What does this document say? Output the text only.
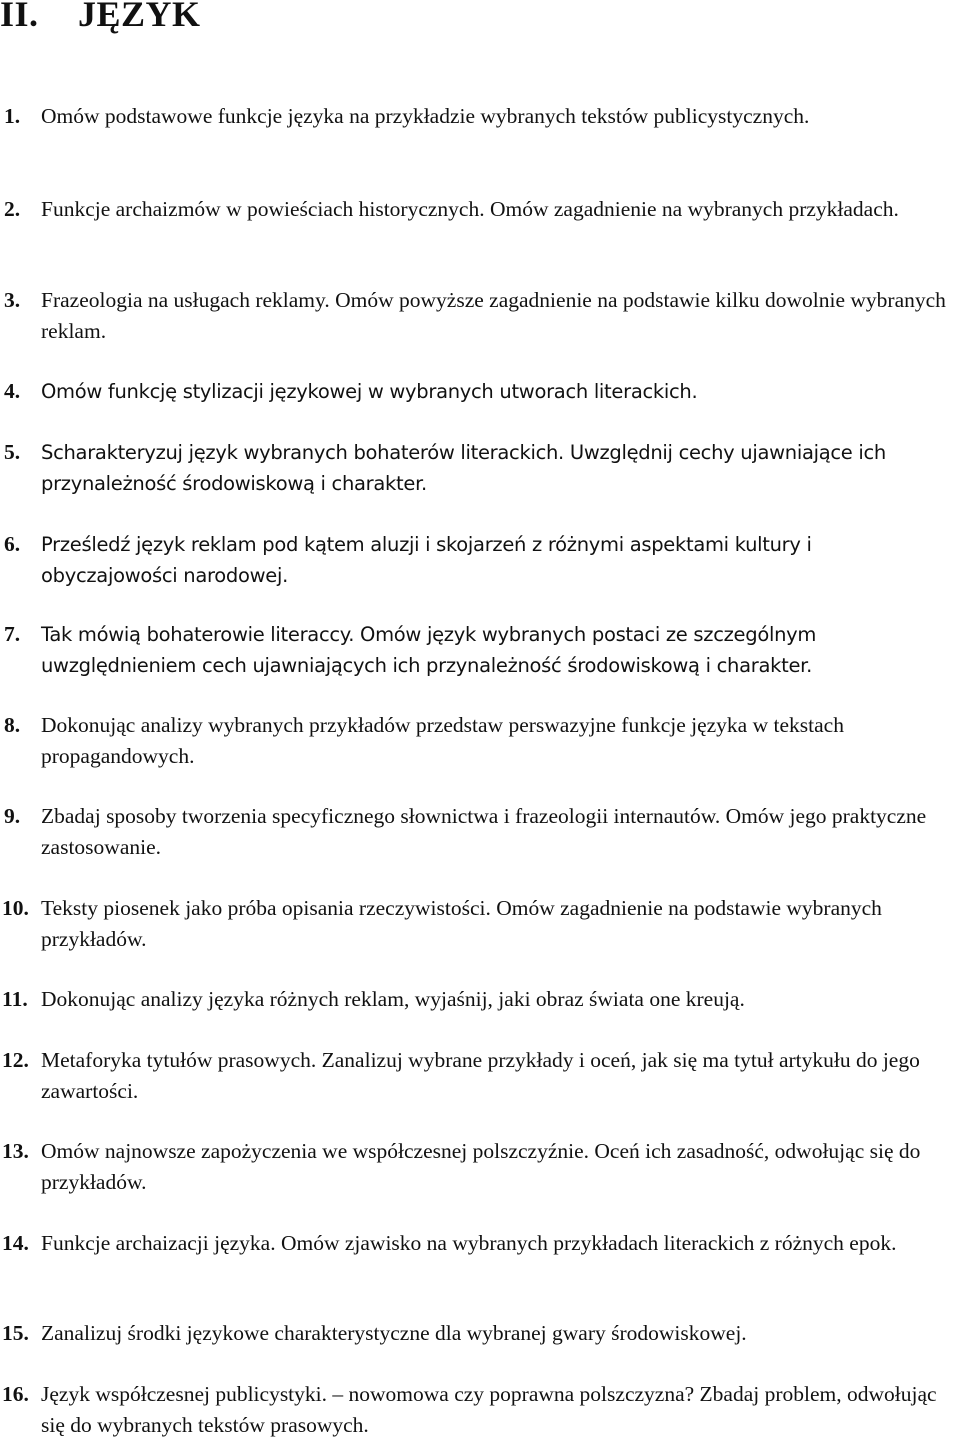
II. JĘZYK
1. Omów podstawowe funkcje języka na przykładzie wybranych tekstów publicystycznych.
2. Funkcje archaizmów w powieściach historycznych. Omów zagadnienie na wybranych przykładach.
3. Frazeologia na usługach reklamy. Omów powyższe zagadnienie na podstawie kilku dowolnie wybranych reklam.
4. Omów funkcję stylizacji językowej w wybranych utworach literackich.
5. Scharakteryzuj język wybranych bohaterów literackich. Uwzględnij cechy ujawniające ich przynależność środowiskową i charakter.
6. Prześledź język reklam pod kątem aluzji i skojarzeń z różnymi aspektami kultury i obyczajowości narodowej.
7. Tak mówią bohaterowie literaccy. Omów język wybranych postaci ze szczególnym uwzględnieniem cech ujawniających ich przynależność środowiskową i charakter.
8. Dokonując analizy wybranych przykładów przedstaw perswazyjne funkcje języka w tekstach propagandowych.
9. Zbadaj sposoby tworzenia specyficznego słownictwa i frazeologii internautów. Omów jego praktyczne zastosowanie.
10. Teksty piosenek jako próba opisania rzeczywistości. Omów zagadnienie na podstawie wybranych przykładów.
11. Dokonując analizy języka różnych reklam, wyjaśnij, jaki obraz świata one kreują.
12. Metaforyka tytułów prasowych. Zanalizuj wybrane przykłady i oceń, jak się ma tytuł artykułu do jego zawartości.
13. Omów najnowsze zapożyczenia we współczesnej polszczyźnie. Oceń ich zasadność, odwołując się do przykładów.
14. Funkcje archaizacji języka. Omów zjawisko na wybranych przykładach literackich z różnych epok.
15. Zanalizuj środki językowe charakterystyczne dla wybranej gwary środowiskowej.
16. Język współczesnej publicystyki. – nowomowa czy poprawna polszczyzna? Zbadaj problem, odwołując się do wybranych tekstów prasowych.
